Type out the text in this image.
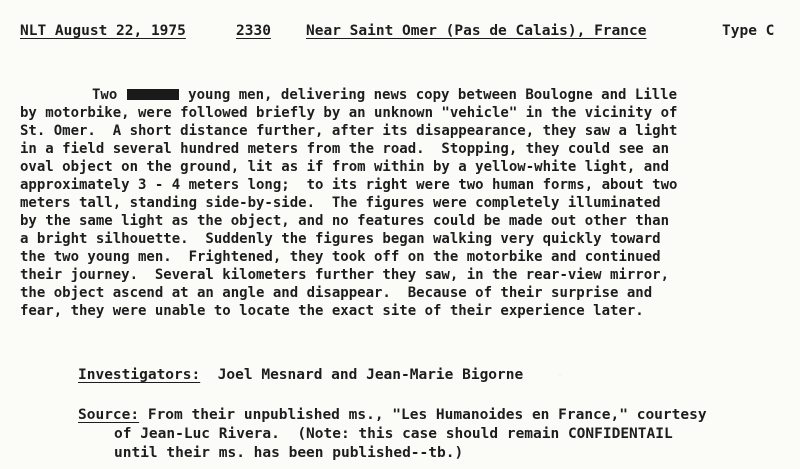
NLT August 22, 1975	2330 Near Saint Omer (Pas de Calais), France	Type C
Two	young men, delivering news copy between Boulogne and Lille
by motorbike, were followed briefly by an unknown "vehicle" in the vicinity of
St. Omer.  A short distance further, after its disappearance, they saw a light
in a field several hundred meters from the road.  Stopping, they could see an
oval object on the ground, lit as if from within by a yellow-white light, and
approximately 3 - 4 meters long;  to its right were two human forms, about two
meters tall, standing side-by-side.  The figures were completely illuminated
by the same light as the object, and no features could be made out other than
a bright silhouette.  Suddenly the figures began walking very quickly toward
the two young men.  Frightened, they took off on the motorbike and continued
their journey.  Several kilometers further they saw, in the rear-view mirror,
the object ascend at an angle and disappear.  Because of their surprise and
fear, they were unable to locate the exact site of their experience later.
Investigators: Joel Mesnard and Jean-Marie Bigorne
Source: From their unpublished ms., "Les Humanoides en France," courtesy
of Jean-Luc Rivera.  (Note: this case should remain CONFIDENTAIL
until their ms. has been published--tb.)
